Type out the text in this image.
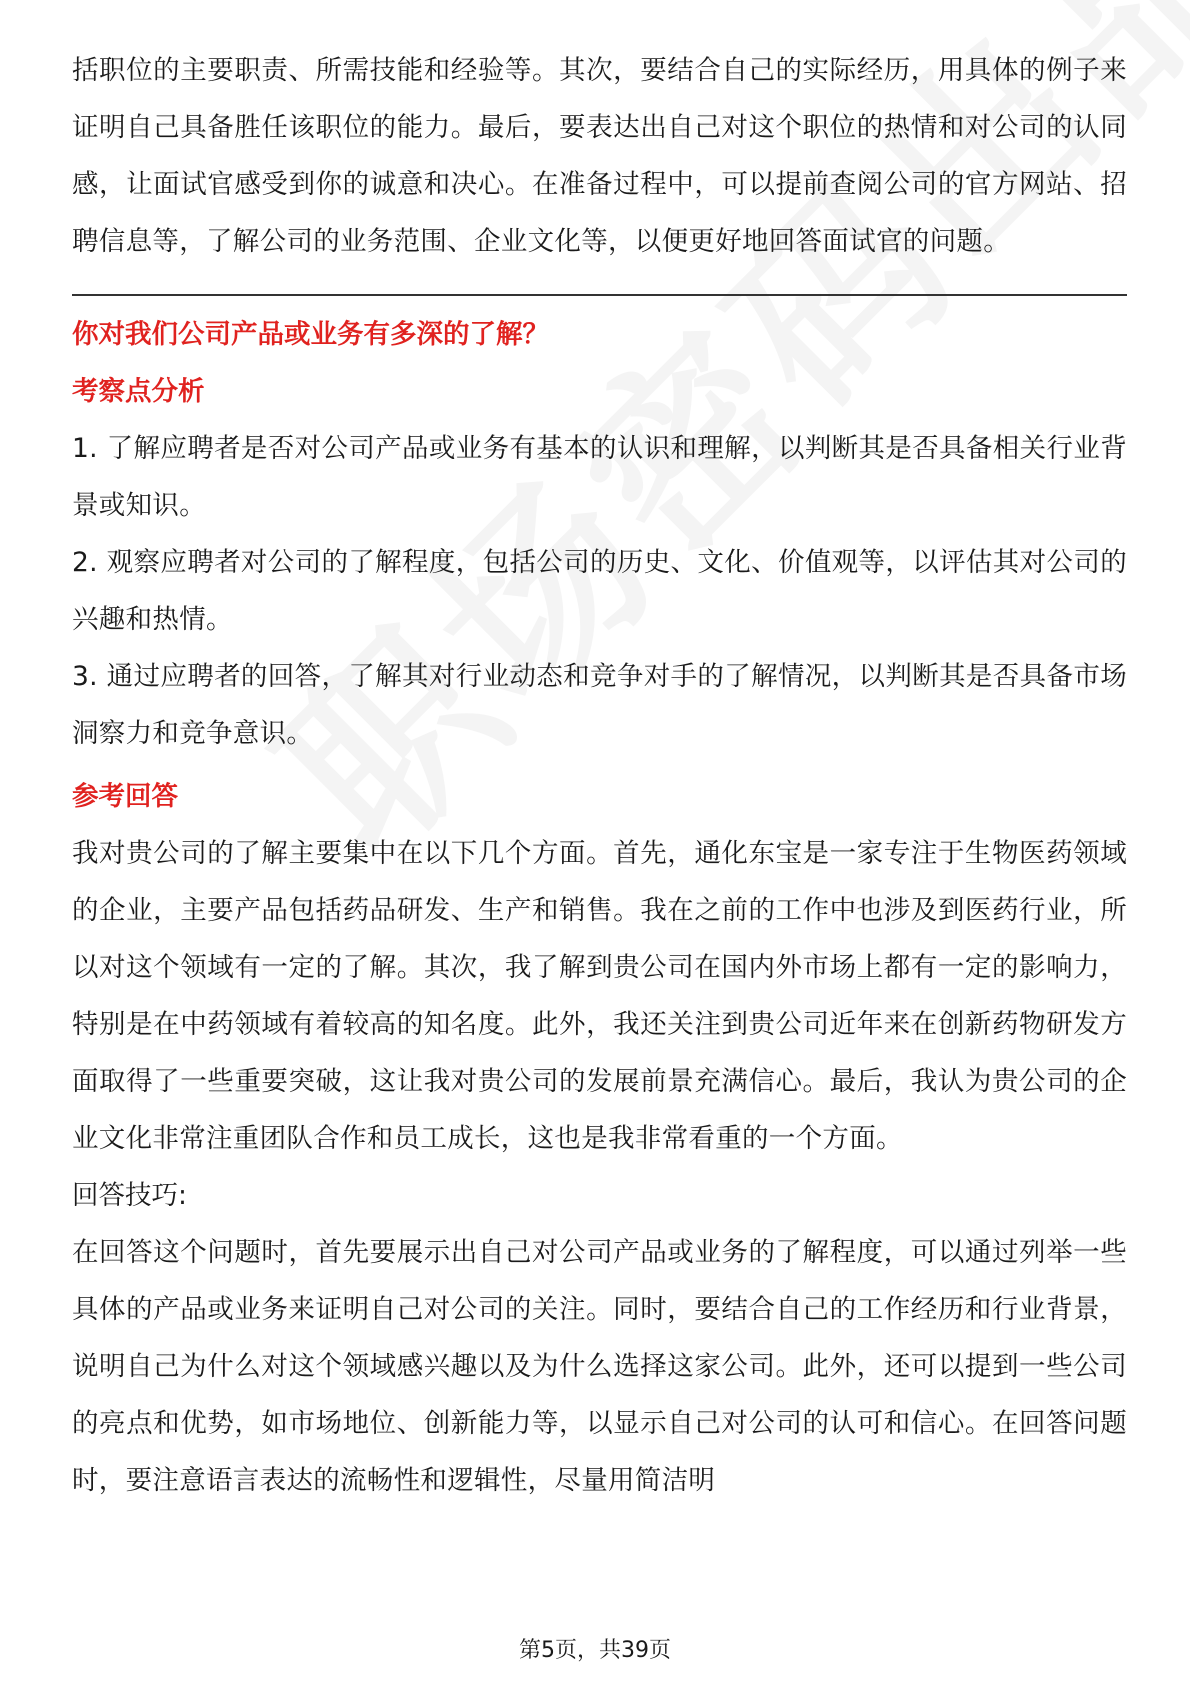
括职位的主要职责、所需技能和经验等。其次，要结合自己的实际经历，用具体的例子来证明自己具备胜任该职位的能力。最后，要表达出自己对这个职位的热情和对公司的认同感，让面试官感受到你的诚意和决心。在准备过程中，可以提前查阅公司的官方网站、招聘信息等，了解公司的业务范围、企业文化等，以便更好地回答面试官的问题。

你对我们公司产品或业务有多深的了解？

考察点分析

1. 了解应聘者是否对公司产品或业务有基本的认识和理解，以判断其是否具备相关行业背景或知识。

2. 观察应聘者对公司的了解程度，包括公司的历史、文化、价值观等，以评估其对公司的兴趣和热情。

3. 通过应聘者的回答，了解其对行业动态和竞争对手的了解情况，以判断其是否具备市场洞察力和竞争意识。

参考回答

我对贵公司的了解主要集中在以下几个方面。首先，通化东宝是一家专注于生物医药领域的企业，主要产品包括药品研发、生产和销售。我在之前的工作中也涉及到医药行业，所以对这个领域有一定的了解。其次，我了解到贵公司在国内外市场上都有一定的影响力，特别是在中药领域有着较高的知名度。此外，我还关注到贵公司近年来在创新药物研发方面取得了一些重要突破，这让我对贵公司的发展前景充满信心。最后，我认为贵公司的企业文化非常注重团队合作和员工成长，这也是我非常看重的一个方面。

回答技巧:

在回答这个问题时，首先要展示出自己对公司产品或业务的了解程度，可以通过列举一些具体的产品或业务来证明自己对公司的关注。同时，要结合自己的工作经历和行业背景，说明自己为什么对这个领域感兴趣以及为什么选择这家公司。此外，还可以提到一些公司的亮点和优势，如市场地位、创新能力等，以显示自己对公司的认可和信心。在回答问题时，要注意语言表达的流畅性和逻辑性，尽量用简洁明

第5页，共39页
